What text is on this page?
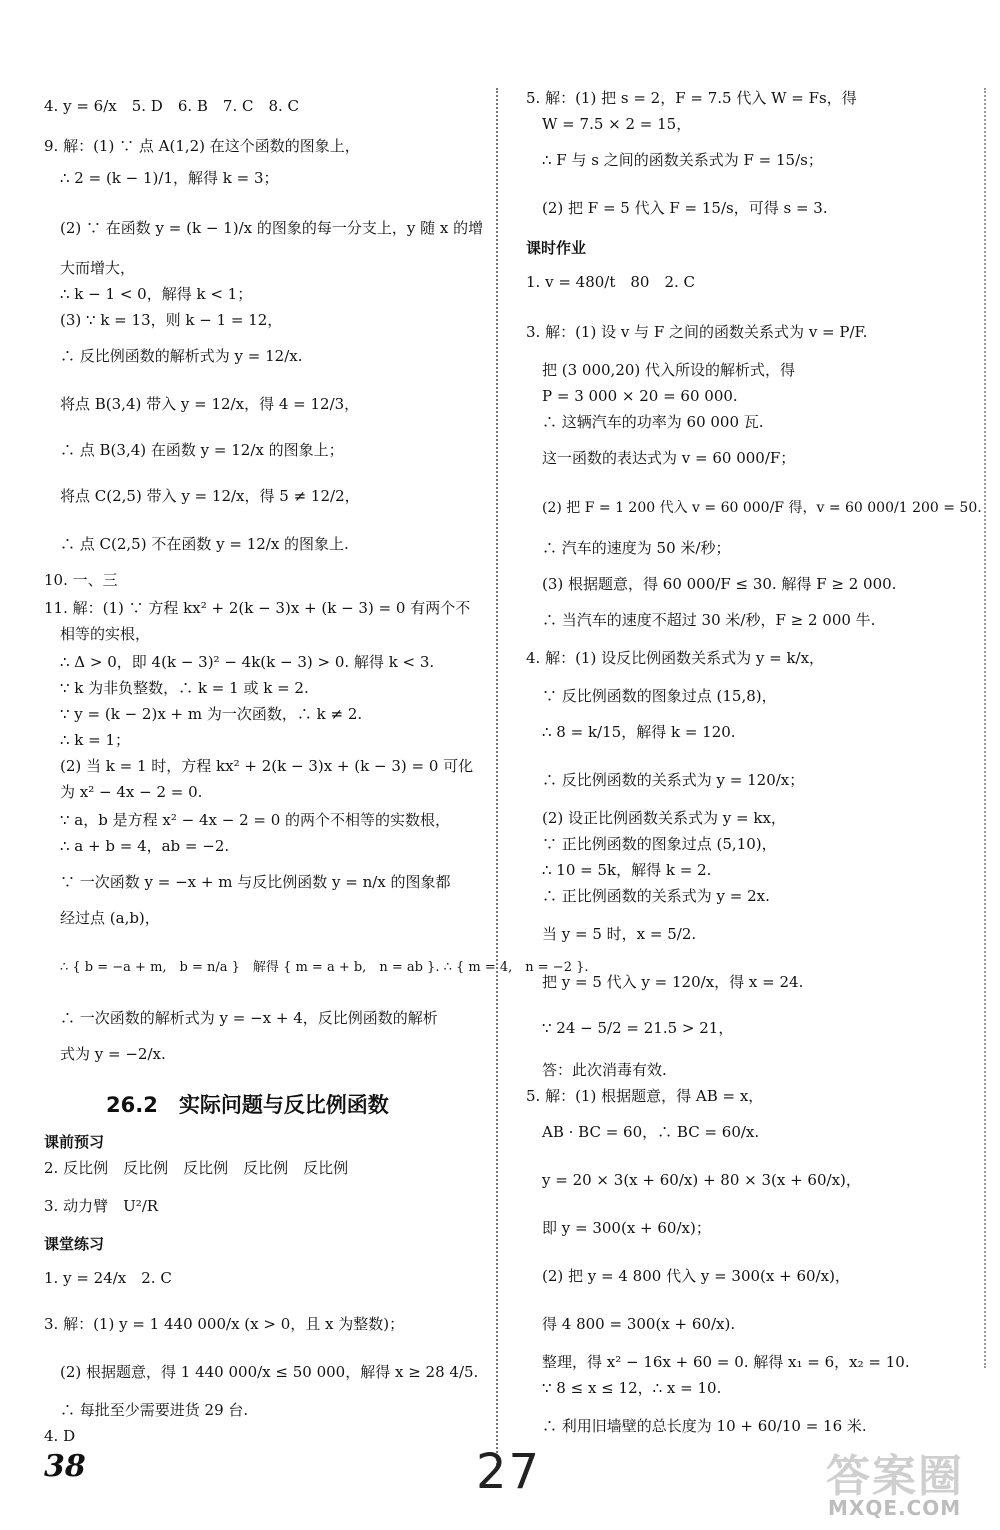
4. y = 6/x　5. D　6. B　7. C　8. C
9. 解：(1) ∵ 点 A(1,2) 在这个函数的图象上，
∴ 2 = (k − 1)/1，解得 k = 3；
(2) ∵ 在函数 y = (k − 1)/x 的图象的每一分支上，y 随 x 的增
大而增大，
∴ k − 1 < 0，解得 k < 1；
(3) ∵ k = 13，则 k − 1 = 12，
∴ 反比例函数的解析式为 y = 12/x.
将点 B(3,4) 带入 y = 12/x，得 4 = 12/3，
∴ 点 B(3,4) 在函数 y = 12/x 的图象上；
将点 C(2,5) 带入 y = 12/x，得 5 ≠ 12/2，
∴ 点 C(2,5) 不在函数 y = 12/x 的图象上.
10. 一、三
11. 解：(1) ∵ 方程 kx² + 2(k − 3)x + (k − 3) = 0 有两个不
相等的实根，
∴ Δ > 0，即 4(k − 3)² − 4k(k − 3) > 0. 解得 k < 3.
∵ k 为非负整数，∴ k = 1 或 k = 2.
∵ y = (k − 2)x + m 为一次函数，∴ k ≠ 2.
∴ k = 1；
(2) 当 k = 1 时，方程 kx² + 2(k − 3)x + (k − 3) = 0 可化
为 x² − 4x − 2 = 0.
∵ a，b 是方程 x² − 4x − 2 = 0 的两个不相等的实数根，
∴ a + b = 4，ab = −2.
∵ 一次函数 y = −x + m 与反比例函数 y = n/x 的图象都
经过点 (a,b)，
∴ { b = −a + m,　b = n/a }　解得 { m = a + b,　n = ab }. ∴ { m = 4,　n = −2 }.
∴ 一次函数的解析式为 y = −x + 4，反比例函数的解析
式为 y = −2/x.
26.2　实际问题与反比例函数
课前预习
2. 反比例　反比例　反比例　反比例　反比例
3. 动力臂　U²/R
课堂练习
1. y = 24/x　2. C
3. 解：(1) y = 1 440 000/x (x > 0，且 x 为整数)；
(2) 根据题意，得 1 440 000/x ≤ 50 000，解得 x ≥ 28 4/5.
∴ 每批至少需要进货 29 台.
4. D
38
5. 解：(1) 把 s = 2，F = 7.5 代入 W = Fs，得
W = 7.5 × 2 = 15，
∴ F 与 s 之间的函数关系式为 F = 15/s；
(2) 把 F = 5 代入 F = 15/s，可得 s = 3.
课时作业
1. v = 480/t　80　2. C
3. 解：(1) 设 v 与 F 之间的函数关系式为 v = P/F.
把 (3 000,20) 代入所设的解析式，得
P = 3 000 × 20 = 60 000.
∴ 这辆汽车的功率为 60 000 瓦.
这一函数的表达式为 v = 60 000/F；
(2) 把 F = 1 200 代入 v = 60 000/F 得，v = 60 000/1 200 = 50.
∴ 汽车的速度为 50 米/秒；
(3) 根据题意，得 60 000/F ≤ 30. 解得 F ≥ 2 000.
∴ 当汽车的速度不超过 30 米/秒，F ≥ 2 000 牛.
4. 解：(1) 设反比例函数关系式为 y = k/x，
∵ 反比例函数的图象过点 (15,8)，
∴ 8 = k/15，解得 k = 120.
∴ 反比例函数的关系式为 y = 120/x；
(2) 设正比例函数关系式为 y = kx，
∵ 正比例函数的图象过点 (5,10)，
∴ 10 = 5k，解得 k = 2.
∴ 正比例函数的关系式为 y = 2x.
当 y = 5 时，x = 5/2.
把 y = 5 代入 y = 120/x，得 x = 24.
∵ 24 − 5/2 = 21.5 > 21，
答：此次消毒有效.
5. 解：(1) 根据题意，得 AB = x，
AB · BC = 60，∴ BC = 60/x.
y = 20 × 3(x + 60/x) + 80 × 3(x + 60/x)，
即 y = 300(x + 60/x)；
(2) 把 y = 4 800 代入 y = 300(x + 60/x)，
得 4 800 = 300(x + 60/x).
整理，得 x² − 16x + 60 = 0. 解得 x₁ = 6，x₂ = 10.
∵ 8 ≤ x ≤ 12，∴ x = 10.
∴ 利用旧墙壁的总长度为 10 + 60/10 = 16 米.
27	答案圈
MXQE.COM
